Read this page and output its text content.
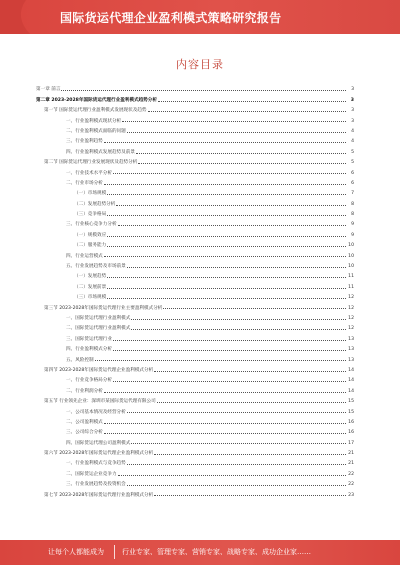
国际货运代理企业盈利模式策略研究报告
内容目录
第一章 前言	3
第二章 2023-2028年国际货运代理行业盈利模式趋势分析	3
第一节 国际货运代理行业盈利模式发展现状及趋势	3
一、行业盈利模式现状分析	3
二、行业盈利模式面临的问题	4
三、行业盈利趋势	4
四、行业盈利模式发展趋势及前景	5
第二节 国际货运代理行业发展现状及趋势分析	5
一、行业技术水平分析	6
二、行业市场分析	6
（一）市场规模	7
（二）发展趋势分析	8
（三）竞争格局	8
三、行业核心竞争力分析	9
（一）规模效应	9
（二）服务能力	10
四、行业运营模式	10
五、行业发展趋势及市场前景	10
（一）发展趋势	11
（二）发展前景	11
（三）市场规模	12
第三节 2023-2028年国际货运代理行业主要盈利模式分析	12
一、国际货运代理行业盈利模式	12
二、国际货运代理行业盈利模式	12
三、国际货运代理行业	13
四、行业盈利模式分析	13
五、风险控制	13
第四节 2023-2028年国际货运代理企业盈利模式分析	14
一、行业竞争格局分析	14
二、行业利润分析	14
第五节 行业领先企业：深圳市某国际货运代理有限公司	15
一、公司基本情况及经营分析	15
二、公司盈利模式	16
三、公司综合分析	16
四、国际货运代理公司盈利模式	17
第六节 2023-2028年国际货运代理企业盈利模式分析	21
一、行业盈利模式与竞争趋势	21
二、国际货运企业竞争力	22
三、行业发展趋势及投资机会	22
第七节 2023-2028年国际货运代理行业盈利模式分析	23
让每个人都能成为	行业专家、管理专家、营销专家、战略专家、成功企业家……
